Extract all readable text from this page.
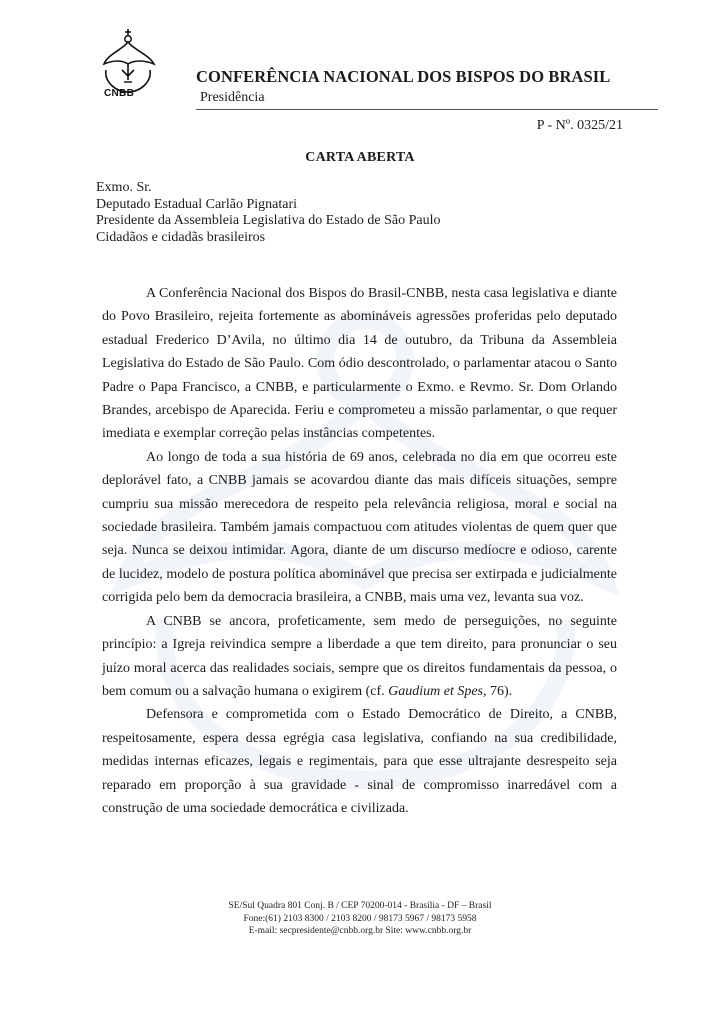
CNBB
CONFERÊNCIA NACIONAL DOS BISPOS DO BRASIL
Presidência
P - Nº. 0325/21
CARTA ABERTA
Exmo. Sr.
Deputado Estadual Carlão Pignatari
Presidente da Assembleia Legislativa do Estado de São Paulo
Cidadãos e cidadãs brasileiros

A Conferência Nacional dos Bispos do Brasil-CNBB, nesta casa legislativa e diante do Povo Brasileiro, rejeita fortemente as abomináveis agressões proferidas pelo deputado estadual Frederico D’Avila, no último dia 14 de outubro, da Tribuna da Assembleia Legislativa do Estado de São Paulo. Com ódio descontrolado, o parlamentar atacou o Santo Padre o Papa Francisco, a CNBB, e particularmente o Exmo. e Revmo. Sr. Dom Orlando Brandes, arcebispo de Aparecida. Feriu e comprometeu a missão parlamentar, o que requer imediata e exemplar correção pelas instâncias competentes.

Ao longo de toda a sua história de 69 anos, celebrada no dia em que ocorreu este deplorável fato, a CNBB jamais se acovardou diante das mais difíceis situações, sempre cumpriu sua missão merecedora de respeito pela relevância religiosa, moral e social na sociedade brasileira. Também jamais compactuou com atitudes violentas de quem quer que seja. Nunca se deixou intimidar. Agora, diante de um discurso medíocre e odioso, carente de lucidez, modelo de postura política abominável que precisa ser extirpada e judicialmente corrigida pelo bem da democracia brasileira, a CNBB, mais uma vez, levanta sua voz.

A CNBB se ancora, profeticamente, sem medo de perseguições, no seguinte princípio: a Igreja reivindica sempre a liberdade a que tem direito, para pronunciar o seu juízo moral acerca das realidades sociais, sempre que os direitos fundamentais da pessoa, o bem comum ou a salvação humana o exigirem (cf. Gaudium et Spes, 76).

Defensora e comprometida com o Estado Democrático de Direito, a CNBB, respeitosamente, espera dessa egrégia casa legislativa, confiando na sua credibilidade, medidas internas eficazes, legais e regimentais, para que esse ultrajante desrespeito seja reparado em proporção à sua gravidade - sinal de compromisso inarredável com a construção de uma sociedade democrática e civilizada.

SE/Sul Quadra 801 Conj. B / CEP 70200-014 - Brasília - DF – Brasil
Fone:(61) 2103 8300 / 2103 8200 / 98173 5967 / 98173 5958
E-mail: secpresidente@cnbb.org.br Site: www.cnbb.org.br
